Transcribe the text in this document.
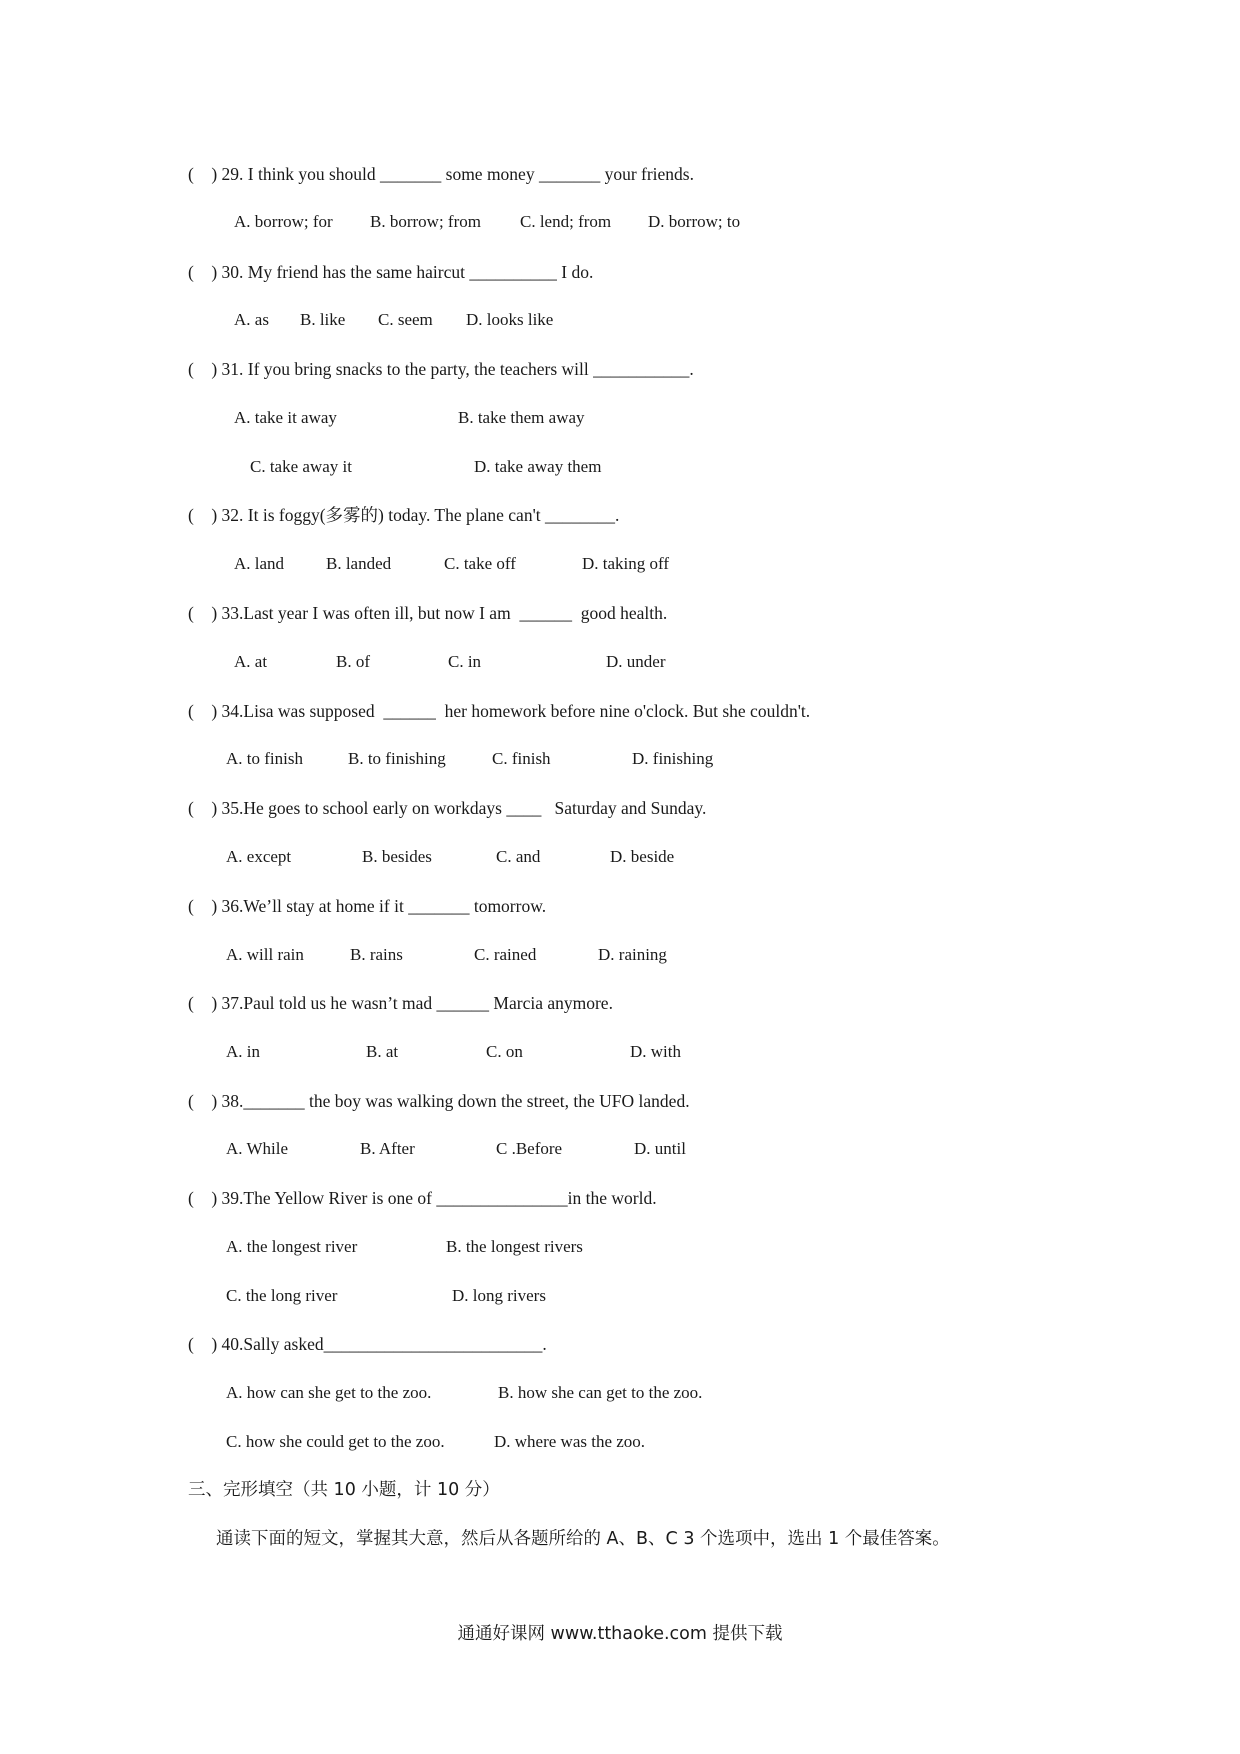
(    ) 29. I think you should _______ some money _______ your friends.
A. borrow; for B. borrow; from C. lend; from D. borrow; to
(    ) 30. My friend has the same haircut __________ I do.
A. as B. like C. seem D. looks like
(    ) 31. If you bring snacks to the party, the teachers will ___________.
A. take it away	B. take them away
C. take away it	D. take away them
(    ) 32. It is foggy(多雾的) today. The plane can't ________.
A. land B. landed	C. take off	D. taking off
(    ) 33.Last year I was often ill, but now I am  ______  good health.
A. at	B. of	C. in	D. under
(    ) 34.Lisa was supposed  ______  her homework before nine o'clock. But she couldn't.
A. to finish	B. to finishing	C. finish	D. finishing
(    ) 35.He goes to school early on workdays ____   Saturday and Sunday.
A. except	B. besides	C. and	D. beside
(    ) 36.We’ll stay at home if it _______ tomorrow.
A. will rain	B. rains	C. rained	D. raining
(    ) 37.Paul told us he wasn’t mad ______ Marcia anymore.
A. in	B. at	C. on	D. with
(    ) 38._______ the boy was walking down the street, the UFO landed.
A. While	B. After	C .Before	D. until
(    ) 39.The Yellow River is one of _______________in the world.
A. the longest river	B. the longest rivers
C. the long river	D. long rivers
(    ) 40.Sally asked_________________________.
A. how can she get to the zoo.	B. how she can get to the zoo.
C. how she could get to the zoo.	D. where was the zoo.
三、完形填空（共 10 小题，计 10 分）
通读下面的短文，掌握其大意，然后从各题所给的 A、B、C 3 个选项中，选出 1 个最佳答案。
通通好课网 www.tthaoke.com 提供下载
